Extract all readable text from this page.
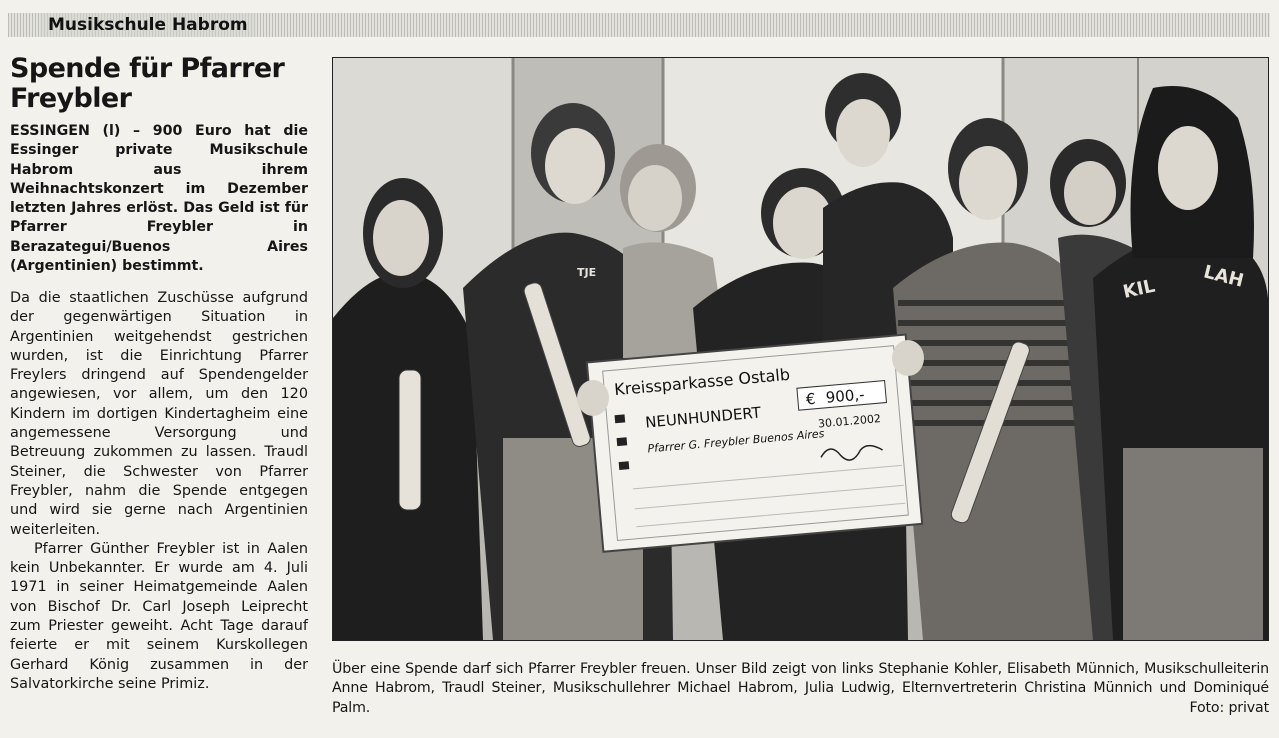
Musikschule Habrom
Spende für Pfarrer Freybler

ESSINGEN (l) – 900 Euro hat die Essinger private Musikschule Habrom aus ihrem Weihnachtskonzert im Dezember letzten Jahres erlöst. Das Geld ist für Pfarrer Freybler in Berazategui/Buenos Aires (Argentinien) bestimmt.

Da die staatlichen Zuschüsse aufgrund der gegenwärtigen Situation in Argentinien weitgehendst gestrichen wurden, ist die Einrichtung Pfarrer Freylers dringend auf Spendengelder angewiesen, vor allem, um den 120 Kindern im dortigen Kindertagheim eine angemessene Versorgung und Betreuung zukommen zu lassen. Traudl Steiner, die Schwester von Pfarrer Freybler, nahm die Spende entgegen und wird sie gerne nach Argentinien weiterleiten.

Pfarrer Günther Freybler ist in Aalen kein Unbekannter. Er wurde am 4. Juli 1971 in seiner Heimatgemeinde Aalen von Bischof Dr. Carl Joseph Leiprecht zum Priester geweiht. Acht Tage darauf feierte er mit seinem Kurskollegen Gerhard König zusammen in der Salvatorkirche seine Primiz.

KIL LAH
TJE
Kreissparkasse Ostalb € 900,-
NEUNHUNDERT
Pfarrer G. Freybler Buenos Aires
30.01.2002
Über eine Spende darf sich Pfarrer Freybler freuen. Unser Bild zeigt von links Stephanie Kohler, Elisabeth Münnich, Musikschulleiterin Anne Habrom, Traudl Steiner, Musikschullehrer Michael Habrom, Julia Ludwig, Elternvertreterin Christina Münnich und Dominiqué Palm.	Foto: privat
